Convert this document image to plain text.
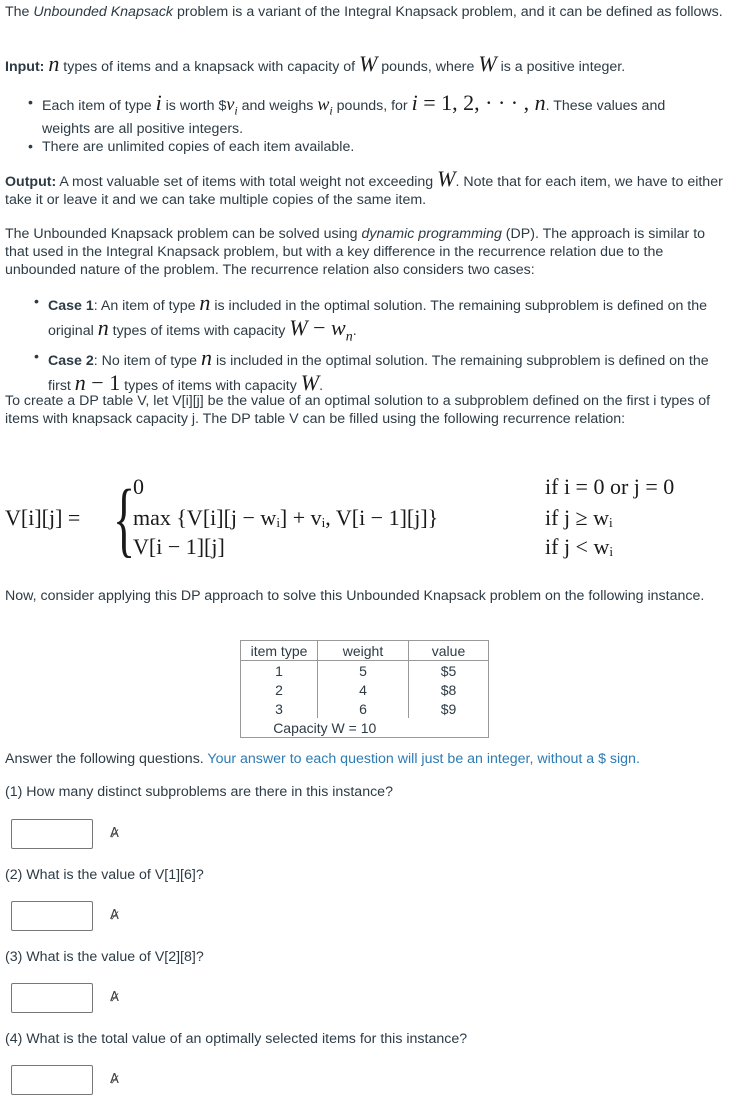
The Unbounded Knapsack problem is a variant of the Integral Knapsack problem, and it can be defined as follows.
Input: n types of items and a knapsack with capacity of W pounds, where W is a positive integer.
• Each item of type i is worth $\$v_i$ and weighs $w_i$ pounds, for i = 1, 2, · · · , n. These values and weights are all positive integers.
• There are unlimited copies of each item available.
Output: A most valuable set of items with total weight not exceeding W. Note that for each item, we have to either take it or leave it and we can take multiple copies of the same item.
The Unbounded Knapsack problem can be solved using dynamic programming (DP). The approach is similar to that used in the Integral Knapsack problem, but with a key difference in the recurrence relation due to the unbounded nature of the problem. The recurrence relation also considers two cases:
• Case 1: An item of type n is included in the optimal solution. The remaining subproblem is defined on the original n types of items with capacity $W - w_n$.
• Case 2: No item of type n is included in the optimal solution. The remaining subproblem is defined on the first n − 1 types of items with capacity W.
To create a DP table V, let V[i][j] be the value of an optimal solution to a subproblem defined on the first i types of items with knapsack capacity j. The DP table V can be filled using the following recurrence relation:
V[i][j] = {
0
max {V[i][j − wᵢ] + vᵢ, V[i − 1][j]}
V[i − 1][j]
if i = 0 or j = 0
if j ≥ wᵢ
if j < wᵢ
Now, consider applying this DP approach to solve this Unbounded Knapsack problem on the following instance.
item type	weight	value
1	5	$5
2	4	$8
3	6	$9
Capacity W = 10		
Answer the following questions. Your answer to each question will just be an integer, without a $ sign.
(1) How many distinct subproblems are there in this instance?
A̷
(2) What is the value of V[1][6]?
A̷
(3) What is the value of V[2][8]?
A̷
(4) What is the total value of an optimally selected items for this instance?
A̷
